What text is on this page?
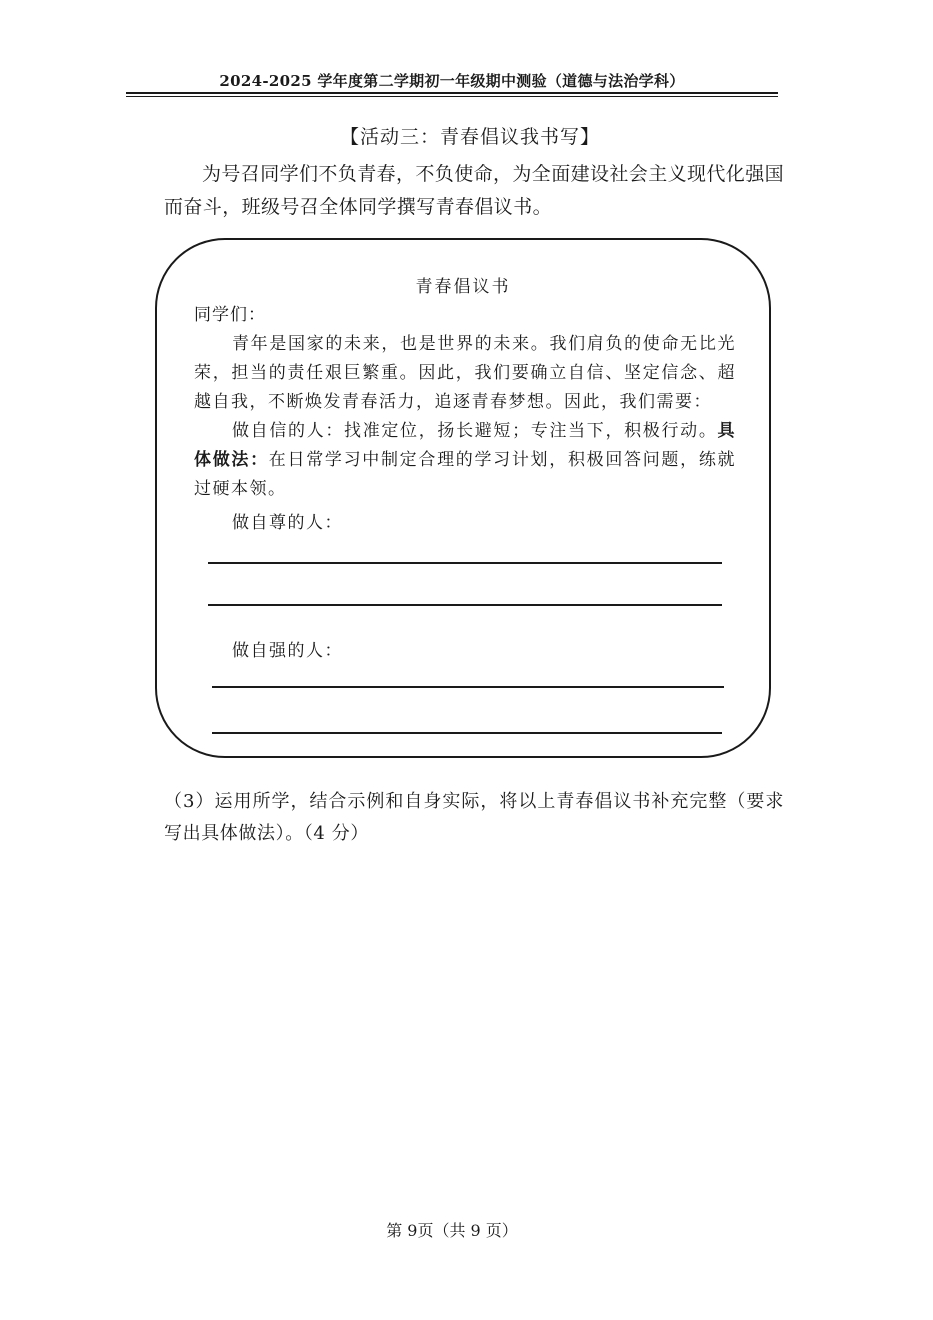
2024-2025 学年度第二学期初一年级期中测验（道德与法治学科）
【活动三：青春倡议我书写】
为号召同学们不负青春，不负使命，为全面建设社会主义现代化强国而奋斗，班级号召全体同学撰写青春倡议书。
青春倡议书
同学们：

青年是国家的未来，也是世界的未来。我们肩负的使命无比光荣，担当的责任艰巨繁重。因此，我们要确立自信、坚定信念、超越自我，不断焕发青春活力，追逐青春梦想。因此，我们需要：

做自信的人：找准定位，扬长避短；专注当下，积极行动。具体做法：在日常学习中制定合理的学习计划，积极回答问题，练就过硬本领。

做自尊的人：
做自强的人：
（3）运用所学，结合示例和自身实际，将以上青春倡议书补充完整（要求写出具体做法）。（4 分）
第 9页（共 9 页）
